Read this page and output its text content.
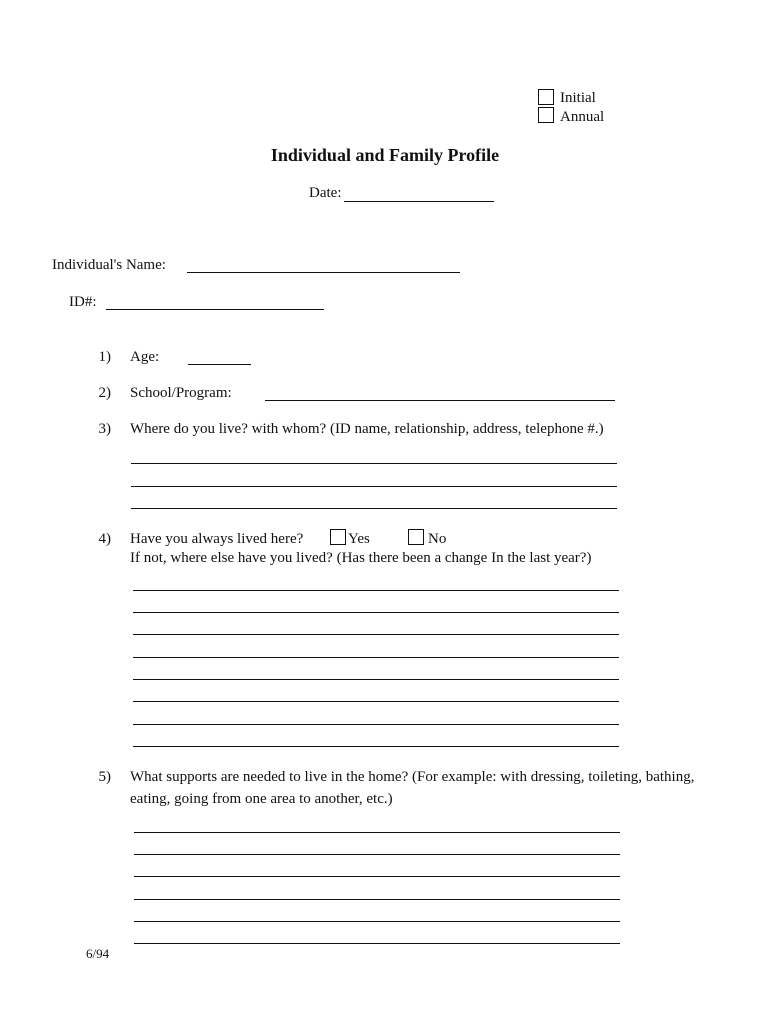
Initial
Annual
Individual and Family Profile
Date:
Individual's Name:
ID#:
1) Age:
2) School/Program:
3) Where do you live? with whom? (ID name, relationship, address, telephone #.)
4) Have you always lived here?	Yes	No
If not, where else have you lived? (Has there been a change In the last year?)
5) What supports are needed to live in the home? (For example: with dressing, toileting, bathing,
eating, going from one area to another, etc.)
6/94
